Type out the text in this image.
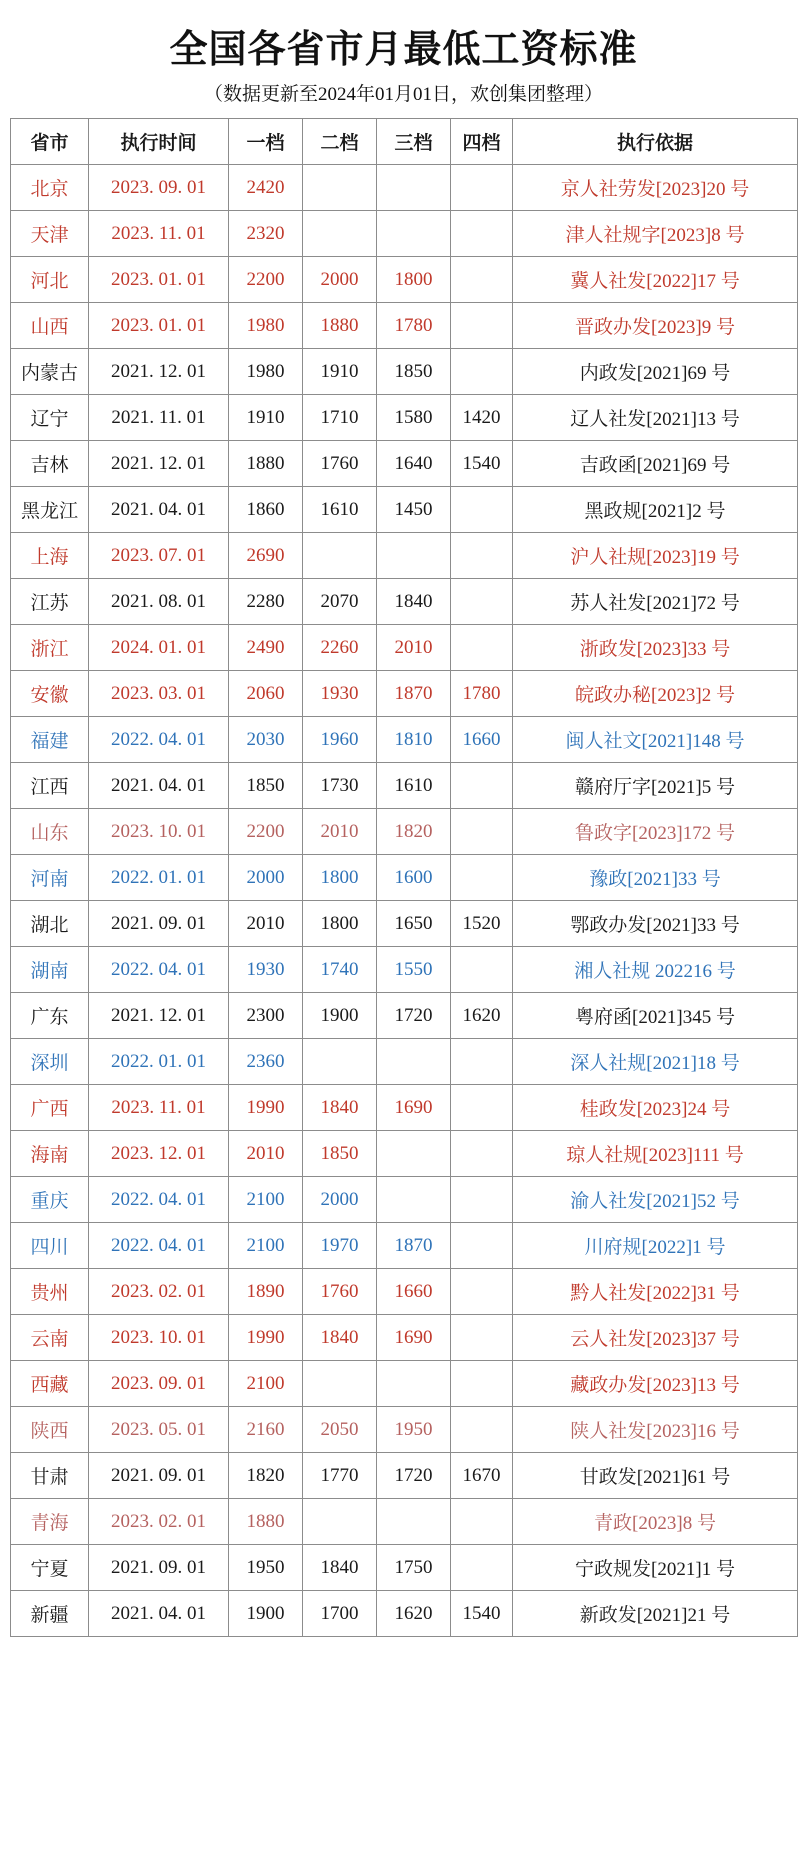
全国各省市月最低工资标准
（数据更新至2024年01月01日，欢创集团整理）
省市	执行时间	一档	二档	三档	四档	执行依据
北京	2023. 09. 01	2420				京人社劳发[2023]20 号
天津	2023. 11. 01	2320				津人社规字[2023]8 号
河北	2023. 01. 01	2200	2000	1800		冀人社发[2022]17 号
山西	2023. 01. 01	1980	1880	1780		晋政办发[2023]9 号
内蒙古	2021. 12. 01	1980	1910	1850		内政发[2021]69 号
辽宁	2021. 11. 01	1910	1710	1580	1420	辽人社发[2021]13 号
吉林	2021. 12. 01	1880	1760	1640	1540	吉政函[2021]69 号
黑龙江	2021. 04. 01	1860	1610	1450		黑政规[2021]2 号
上海	2023. 07. 01	2690				沪人社规[2023]19 号
江苏	2021. 08. 01	2280	2070	1840		苏人社发[2021]72 号
浙江	2024. 01. 01	2490	2260	2010		浙政发[2023]33 号
安徽	2023. 03. 01	2060	1930	1870	1780	皖政办秘[2023]2 号
福建	2022. 04. 01	2030	1960	1810	1660	闽人社文[2021]148 号
江西	2021. 04. 01	1850	1730	1610		赣府厅字[2021]5 号
山东	2023. 10. 01	2200	2010	1820		鲁政字[2023]172 号
河南	2022. 01. 01	2000	1800	1600		豫政[2021]33 号
湖北	2021. 09. 01	2010	1800	1650	1520	鄂政办发[2021]33 号
湖南	2022. 04. 01	1930	1740	1550		湘人社规 202216 号
广东	2021. 12. 01	2300	1900	1720	1620	粤府函[2021]345 号
深圳	2022. 01. 01	2360				深人社规[2021]18 号
广西	2023. 11. 01	1990	1840	1690		桂政发[2023]24 号
海南	2023. 12. 01	2010	1850			琼人社规[2023]111 号
重庆	2022. 04. 01	2100	2000			渝人社发[2021]52 号
四川	2022. 04. 01	2100	1970	1870		川府规[2022]1 号
贵州	2023. 02. 01	1890	1760	1660		黔人社发[2022]31 号
云南	2023. 10. 01	1990	1840	1690		云人社发[2023]37 号
西藏	2023. 09. 01	2100				藏政办发[2023]13 号
陕西	2023. 05. 01	2160	2050	1950		陕人社发[2023]16 号
甘肃	2021. 09. 01	1820	1770	1720	1670	甘政发[2021]61 号
青海	2023. 02. 01	1880				青政[2023]8 号
宁夏	2021. 09. 01	1950	1840	1750		宁政规发[2021]1 号
新疆	2021. 04. 01	1900	1700	1620	1540	新政发[2021]21 号
